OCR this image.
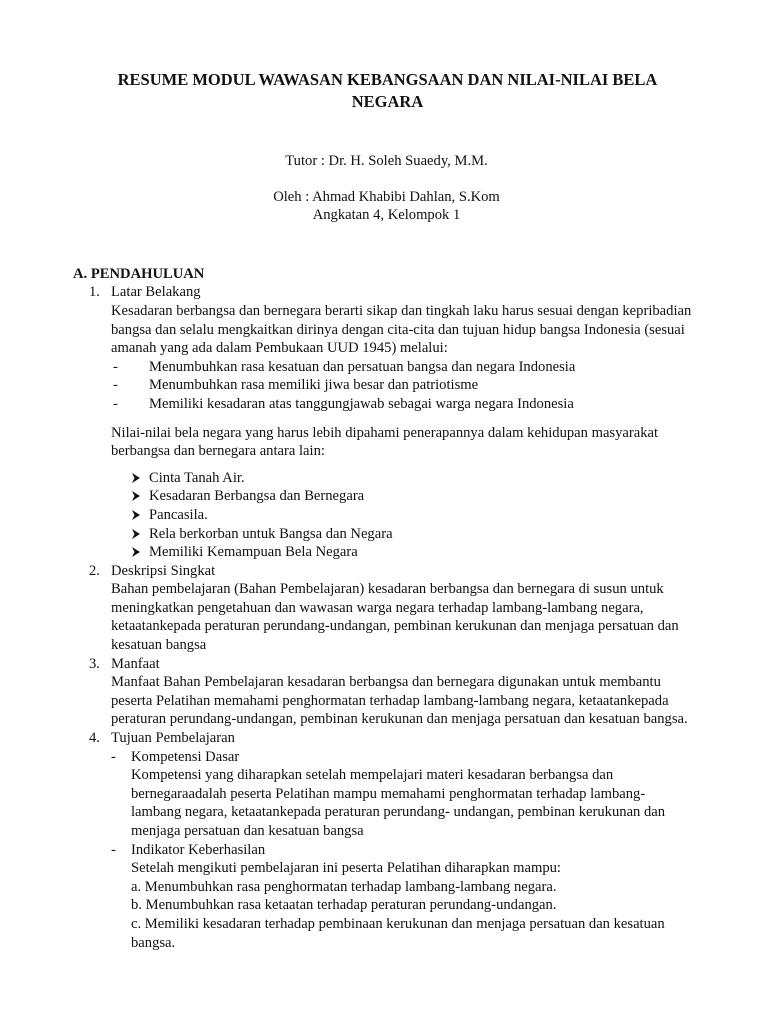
RESUME MODUL WAWASAN KEBANGSAAN DAN NILAI-NILAI BELA NEGARA

Tutor : Dr. H. Soleh Suaedy, M.M.

Oleh : Ahmad Khabibi Dahlan, S.Kom

Angkatan 4, Kelompok 1

A. PENDAHULUAN

1. Latar Belakang

Kesadaran berbangsa dan bernegara berarti sikap dan tingkah laku harus sesuai dengan kepribadian bangsa dan selalu mengkaitkan dirinya dengan cita-cita dan tujuan hidup bangsa Indonesia (sesuai amanah yang ada dalam Pembukaan UUD 1945) melalui:

- Menumbuhkan rasa kesatuan dan persatuan bangsa dan negara Indonesia
- Menumbuhkan rasa memiliki jiwa besar dan patriotisme
- Memiliki kesadaran atas tanggungjawab sebagai warga negara Indonesia

Nilai-nilai bela negara yang harus lebih dipahami penerapannya dalam kehidupan masyarakat berbangsa dan bernegara antara lain:

Cinta Tanah Air.
Kesadaran Berbangsa dan Bernegara
Pancasila.
Rela berkorban untuk Bangsa dan Negara
Memiliki Kemampuan Bela Negara
2. Deskripsi Singkat

Bahan pembelajaran (Bahan Pembelajaran) kesadaran berbangsa dan bernegara di susun untuk meningkatkan pengetahuan dan wawasan warga negara terhadap lambang-lambang negara, ketaatankepada peraturan perundang-undangan, pembinan kerukunan dan menjaga persatuan dan kesatuan bangsa

3. Manfaat

Manfaat Bahan Pembelajaran kesadaran berbangsa dan bernegara digunakan untuk membantu peserta Pelatihan memahami penghormatan terhadap lambang-lambang negara, ketaatankepada peraturan perundang-undangan, pembinan kerukunan dan menjaga persatuan dan kesatuan bangsa.

4. Tujuan Pembelajaran
- Kompetensi Dasar

Kompetensi yang diharapkan setelah mempelajari materi kesadaran berbangsa dan bernegaraadalah peserta Pelatihan mampu memahami penghormatan terhadap lambang-lambang negara, ketaatankepada peraturan perundang- undangan, pembinan kerukunan dan menjaga persatuan dan kesatuan bangsa

- Indikator Keberhasilan

Setelah mengikuti pembelajaran ini peserta Pelatihan diharapkan mampu:

a. Menumbuhkan rasa penghormatan terhadap lambang-lambang negara.
b. Menumbuhkan rasa ketaatan terhadap peraturan perundang-undangan.
c. Memiliki kesadaran terhadap pembinaan kerukunan dan menjaga persatuan dan kesatuan bangsa.
